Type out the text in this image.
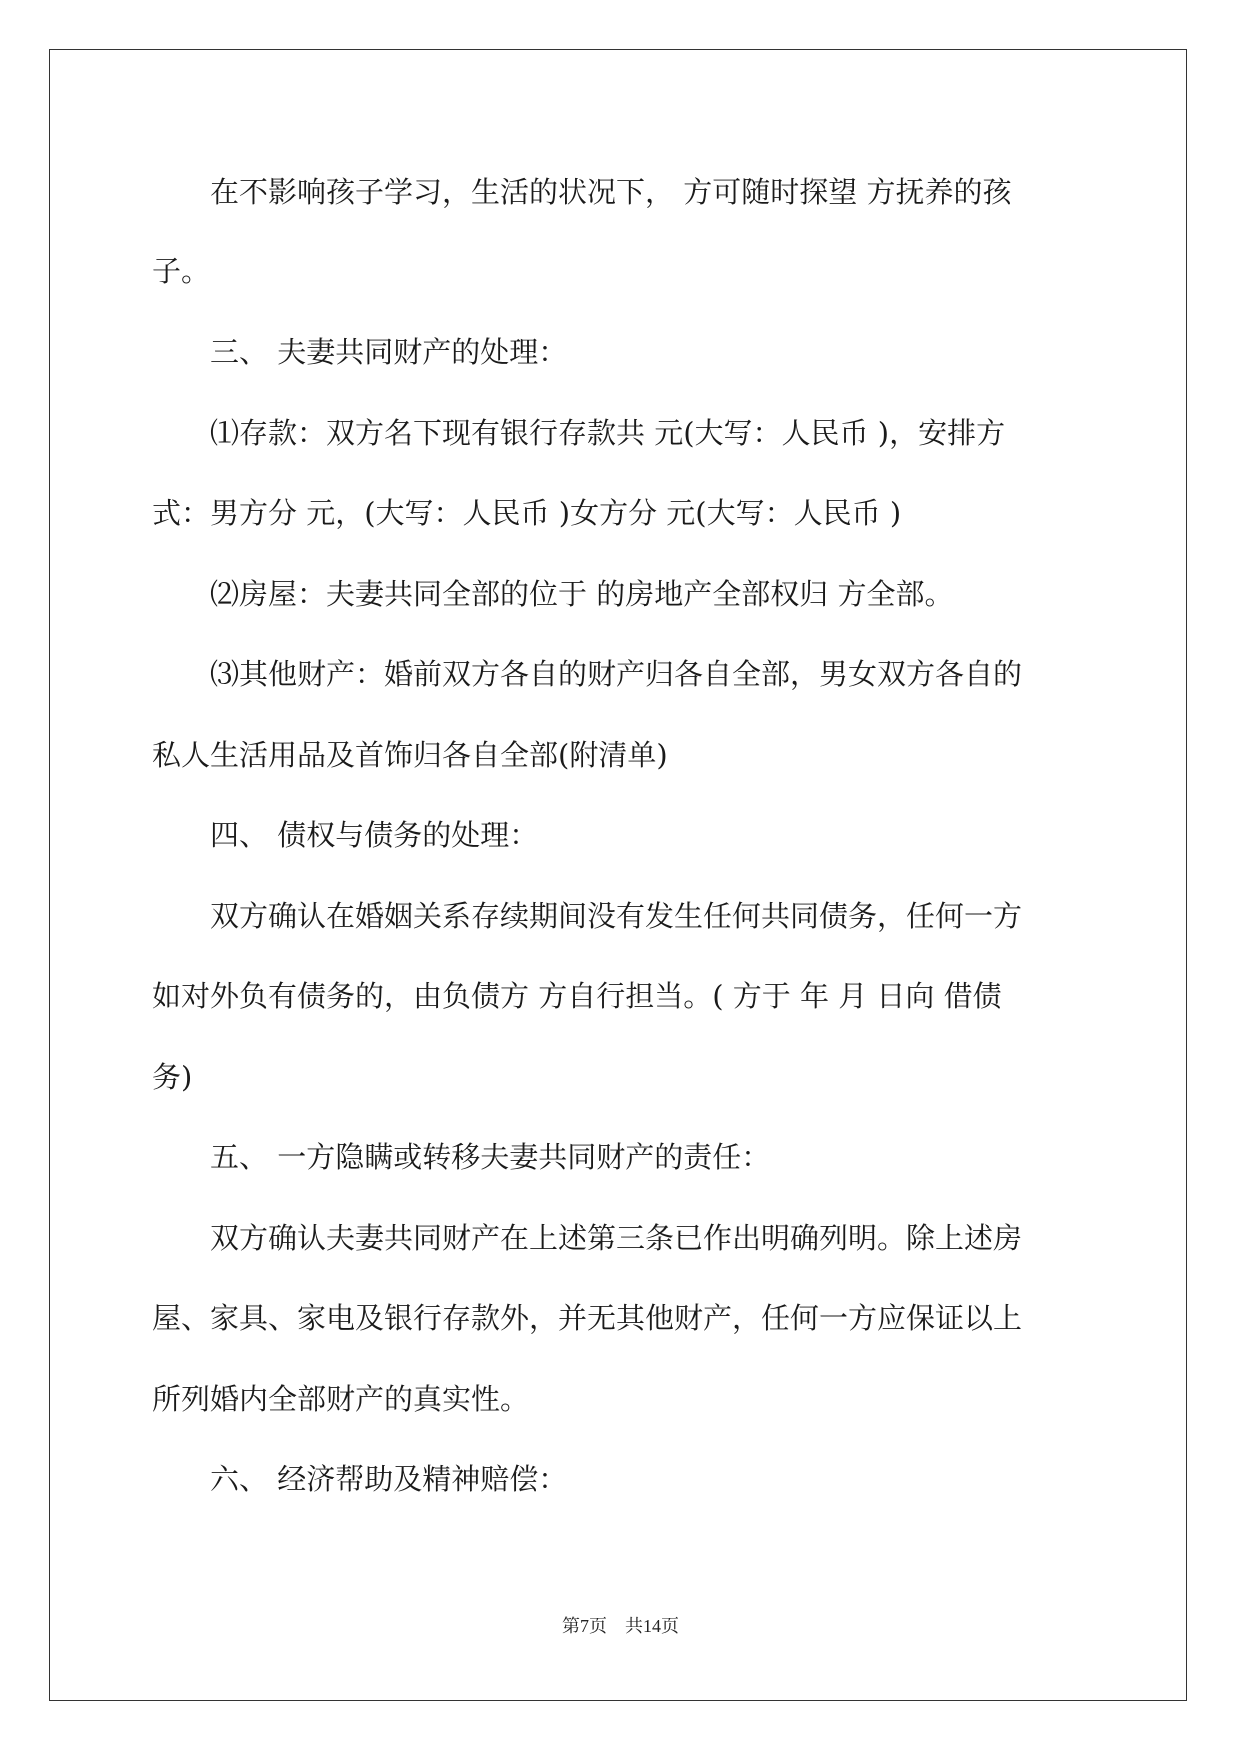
　　在不影响孩子学习，生活的状况下， 方可随时探望 方抚养的孩
子。
　　三、 夫妻共同财产的处理：
　　⑴存款：双方名下现有银行存款共 元(大写：人民币 )，安排方
式：男方分 元，(大写：人民币 )女方分 元(大写：人民币 )
　　⑵房屋：夫妻共同全部的位于 的房地产全部权归 方全部。
　　⑶其他财产：婚前双方各自的财产归各自全部，男女双方各自的
私人生活用品及首饰归各自全部(附清单)
　　四、 债权与债务的处理：
　　双方确认在婚姻关系存续期间没有发生任何共同债务，任何一方
如对外负有债务的，由负债方 方自行担当。( 方于 年 月 日向 借债
务)
　　五、 一方隐瞒或转移夫妻共同财产的责任：
　　双方确认夫妻共同财产在上述第三条已作出明确列明。除上述房
屋、家具、家电及银行存款外，并无其他财产，任何一方应保证以上
所列婚内全部财产的真实性。
　　六、 经济帮助及精神赔偿：
第7页　共14页
